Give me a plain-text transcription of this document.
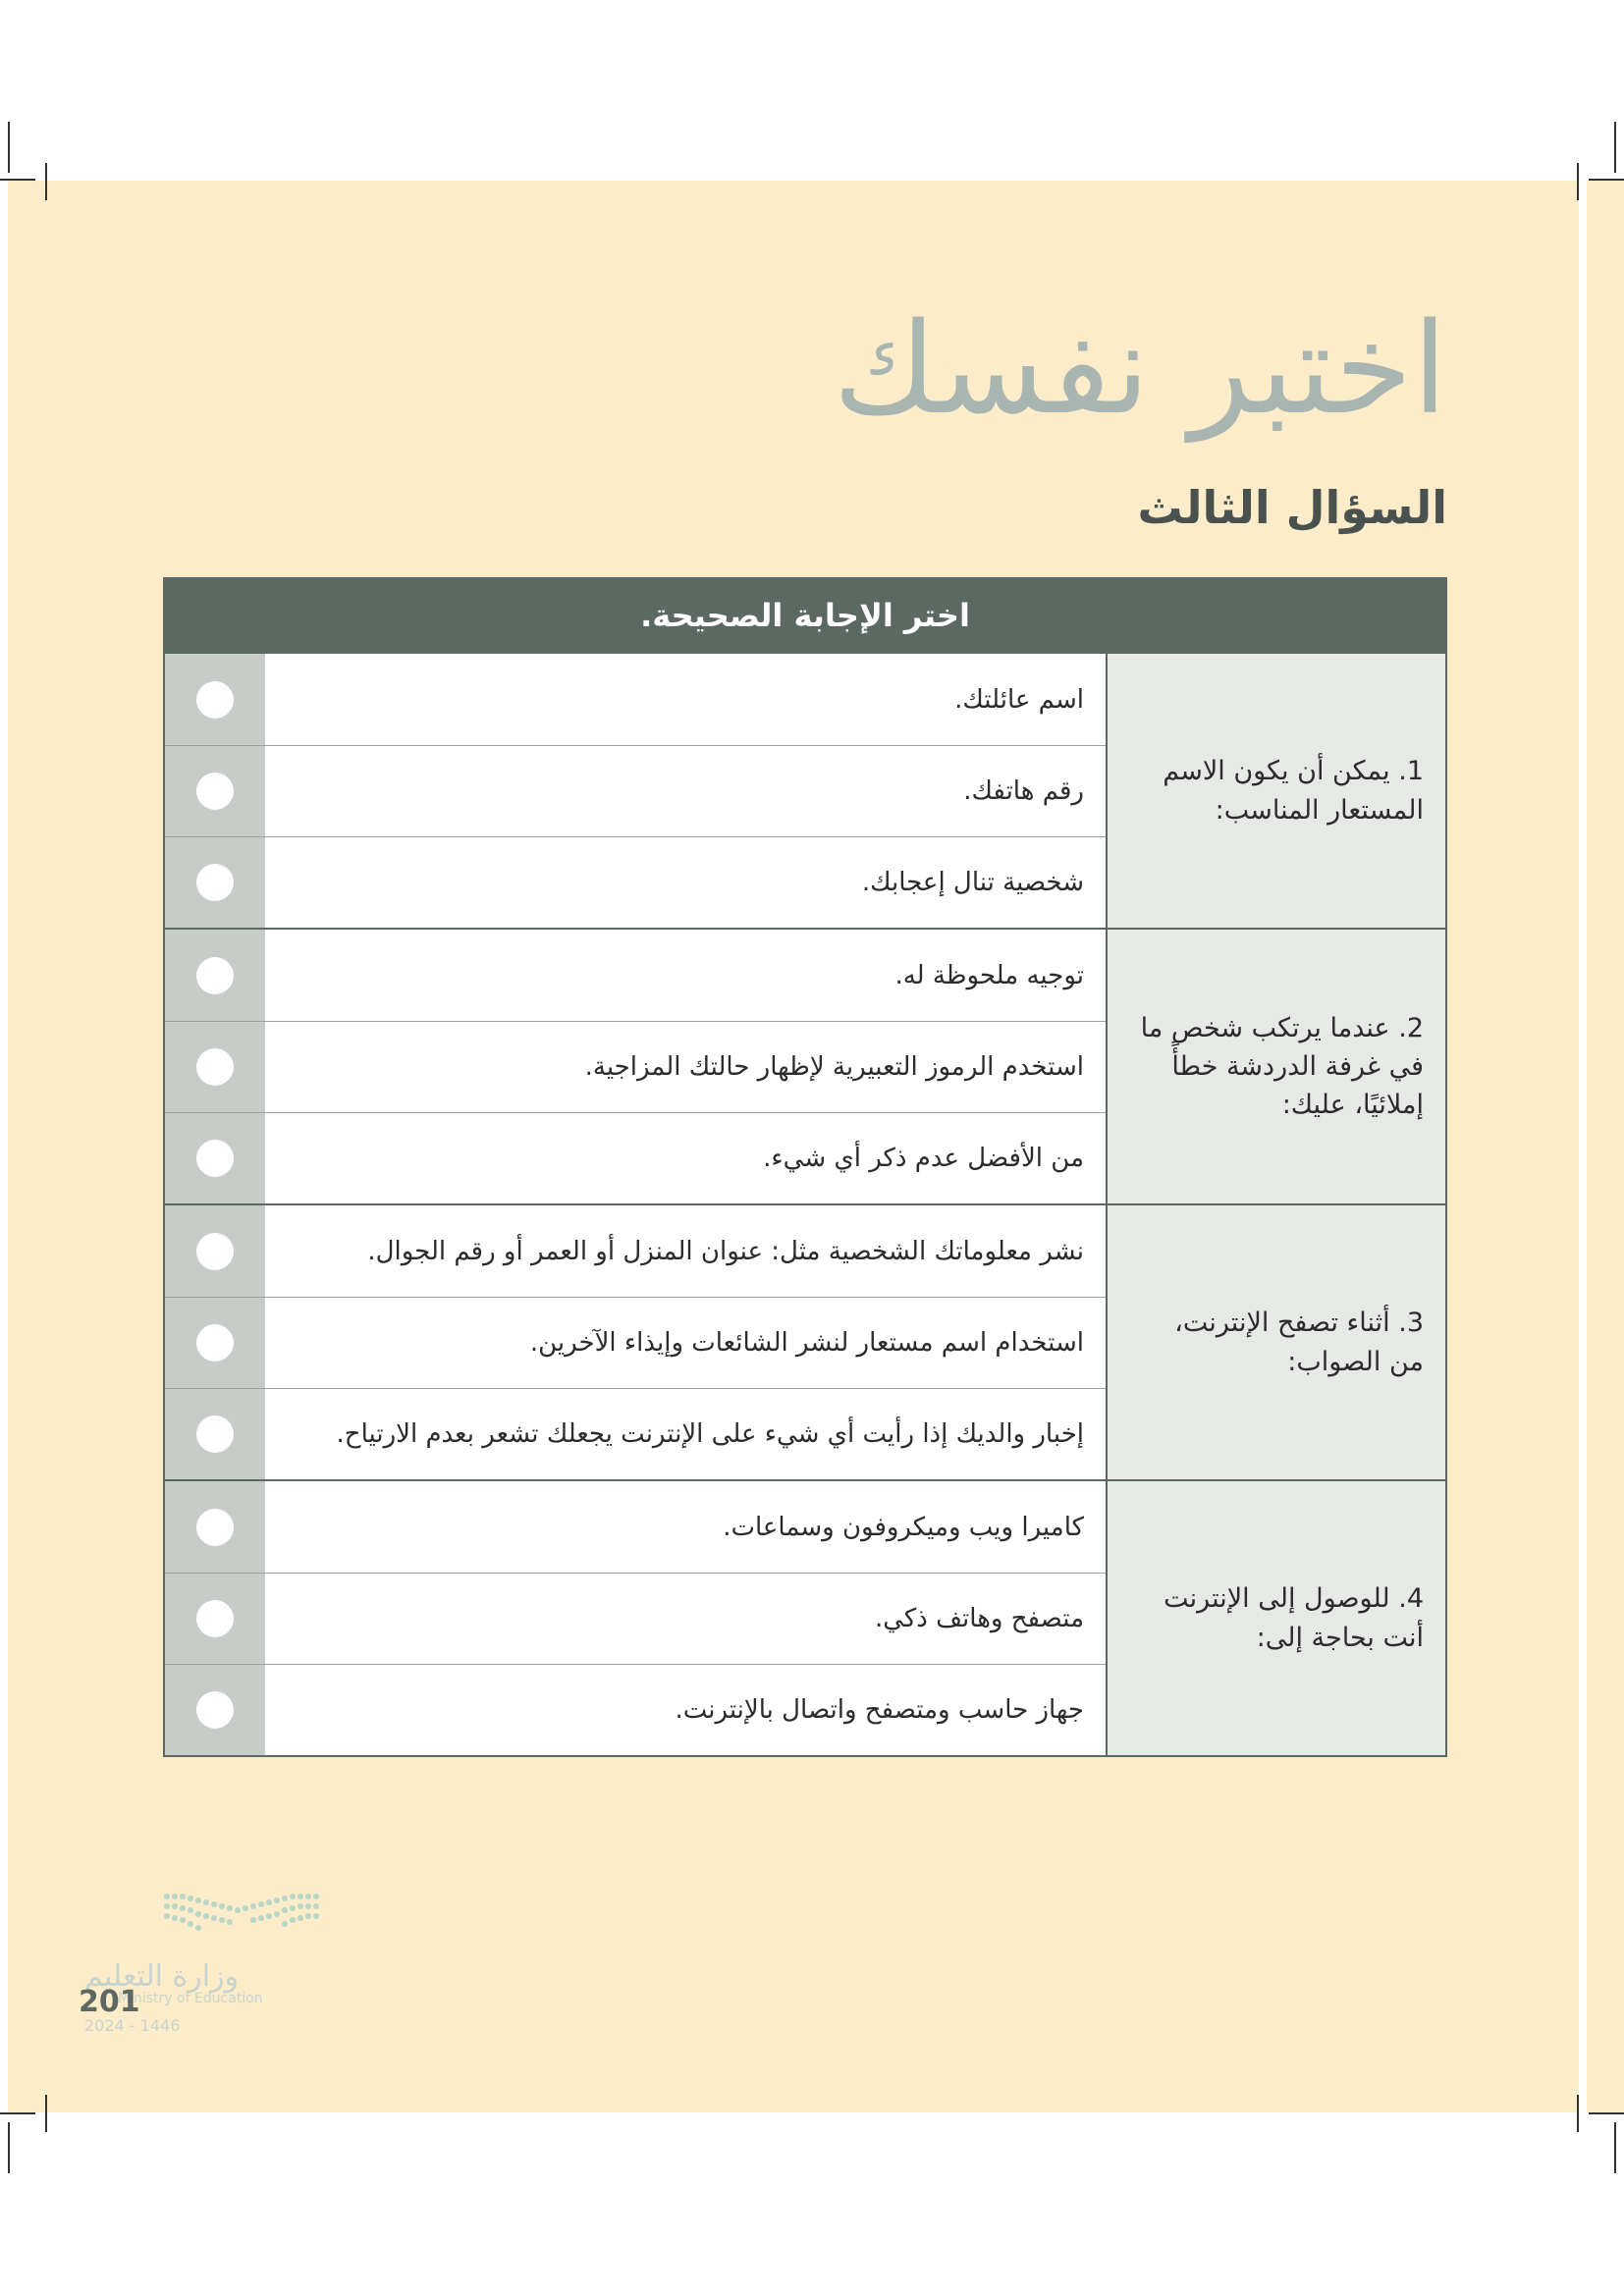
اختبر نفسك
السؤال الثالث
اختر الإجابة الصحيحة.
1. يمكن أن يكون الاسم المستعار المناسب:
اسم عائلتك.
رقم هاتفك.
شخصية تنال إعجابك.
2. عندما يرتكب شخص ما في غرفة الدردشة خطأً إملائيًا، عليك:
توجيه ملحوظة له.
استخدم الرموز التعبيرية لإظهار حالتك المزاجية.
من الأفضل عدم ذكر أي شيء.
3. أثناء تصفح الإنترنت، من الصواب:
نشر معلوماتك الشخصية مثل: عنوان المنزل أو العمر أو رقم الجوال.
استخدام اسم مستعار لنشر الشائعات وإيذاء الآخرين.
إخبار والديك إذا رأيت أي شيء على الإنترنت يجعلك تشعر بعدم الارتياح.
4. للوصول إلى الإنترنت أنت بحاجة إلى:
كاميرا ويب وميكروفون وسماعات.
متصفح وهاتف ذكي.
جهاز حاسب ومتصفح واتصال بالإنترنت.
وزارة التعليم
Ministry of Education
201
2024 - 1446
